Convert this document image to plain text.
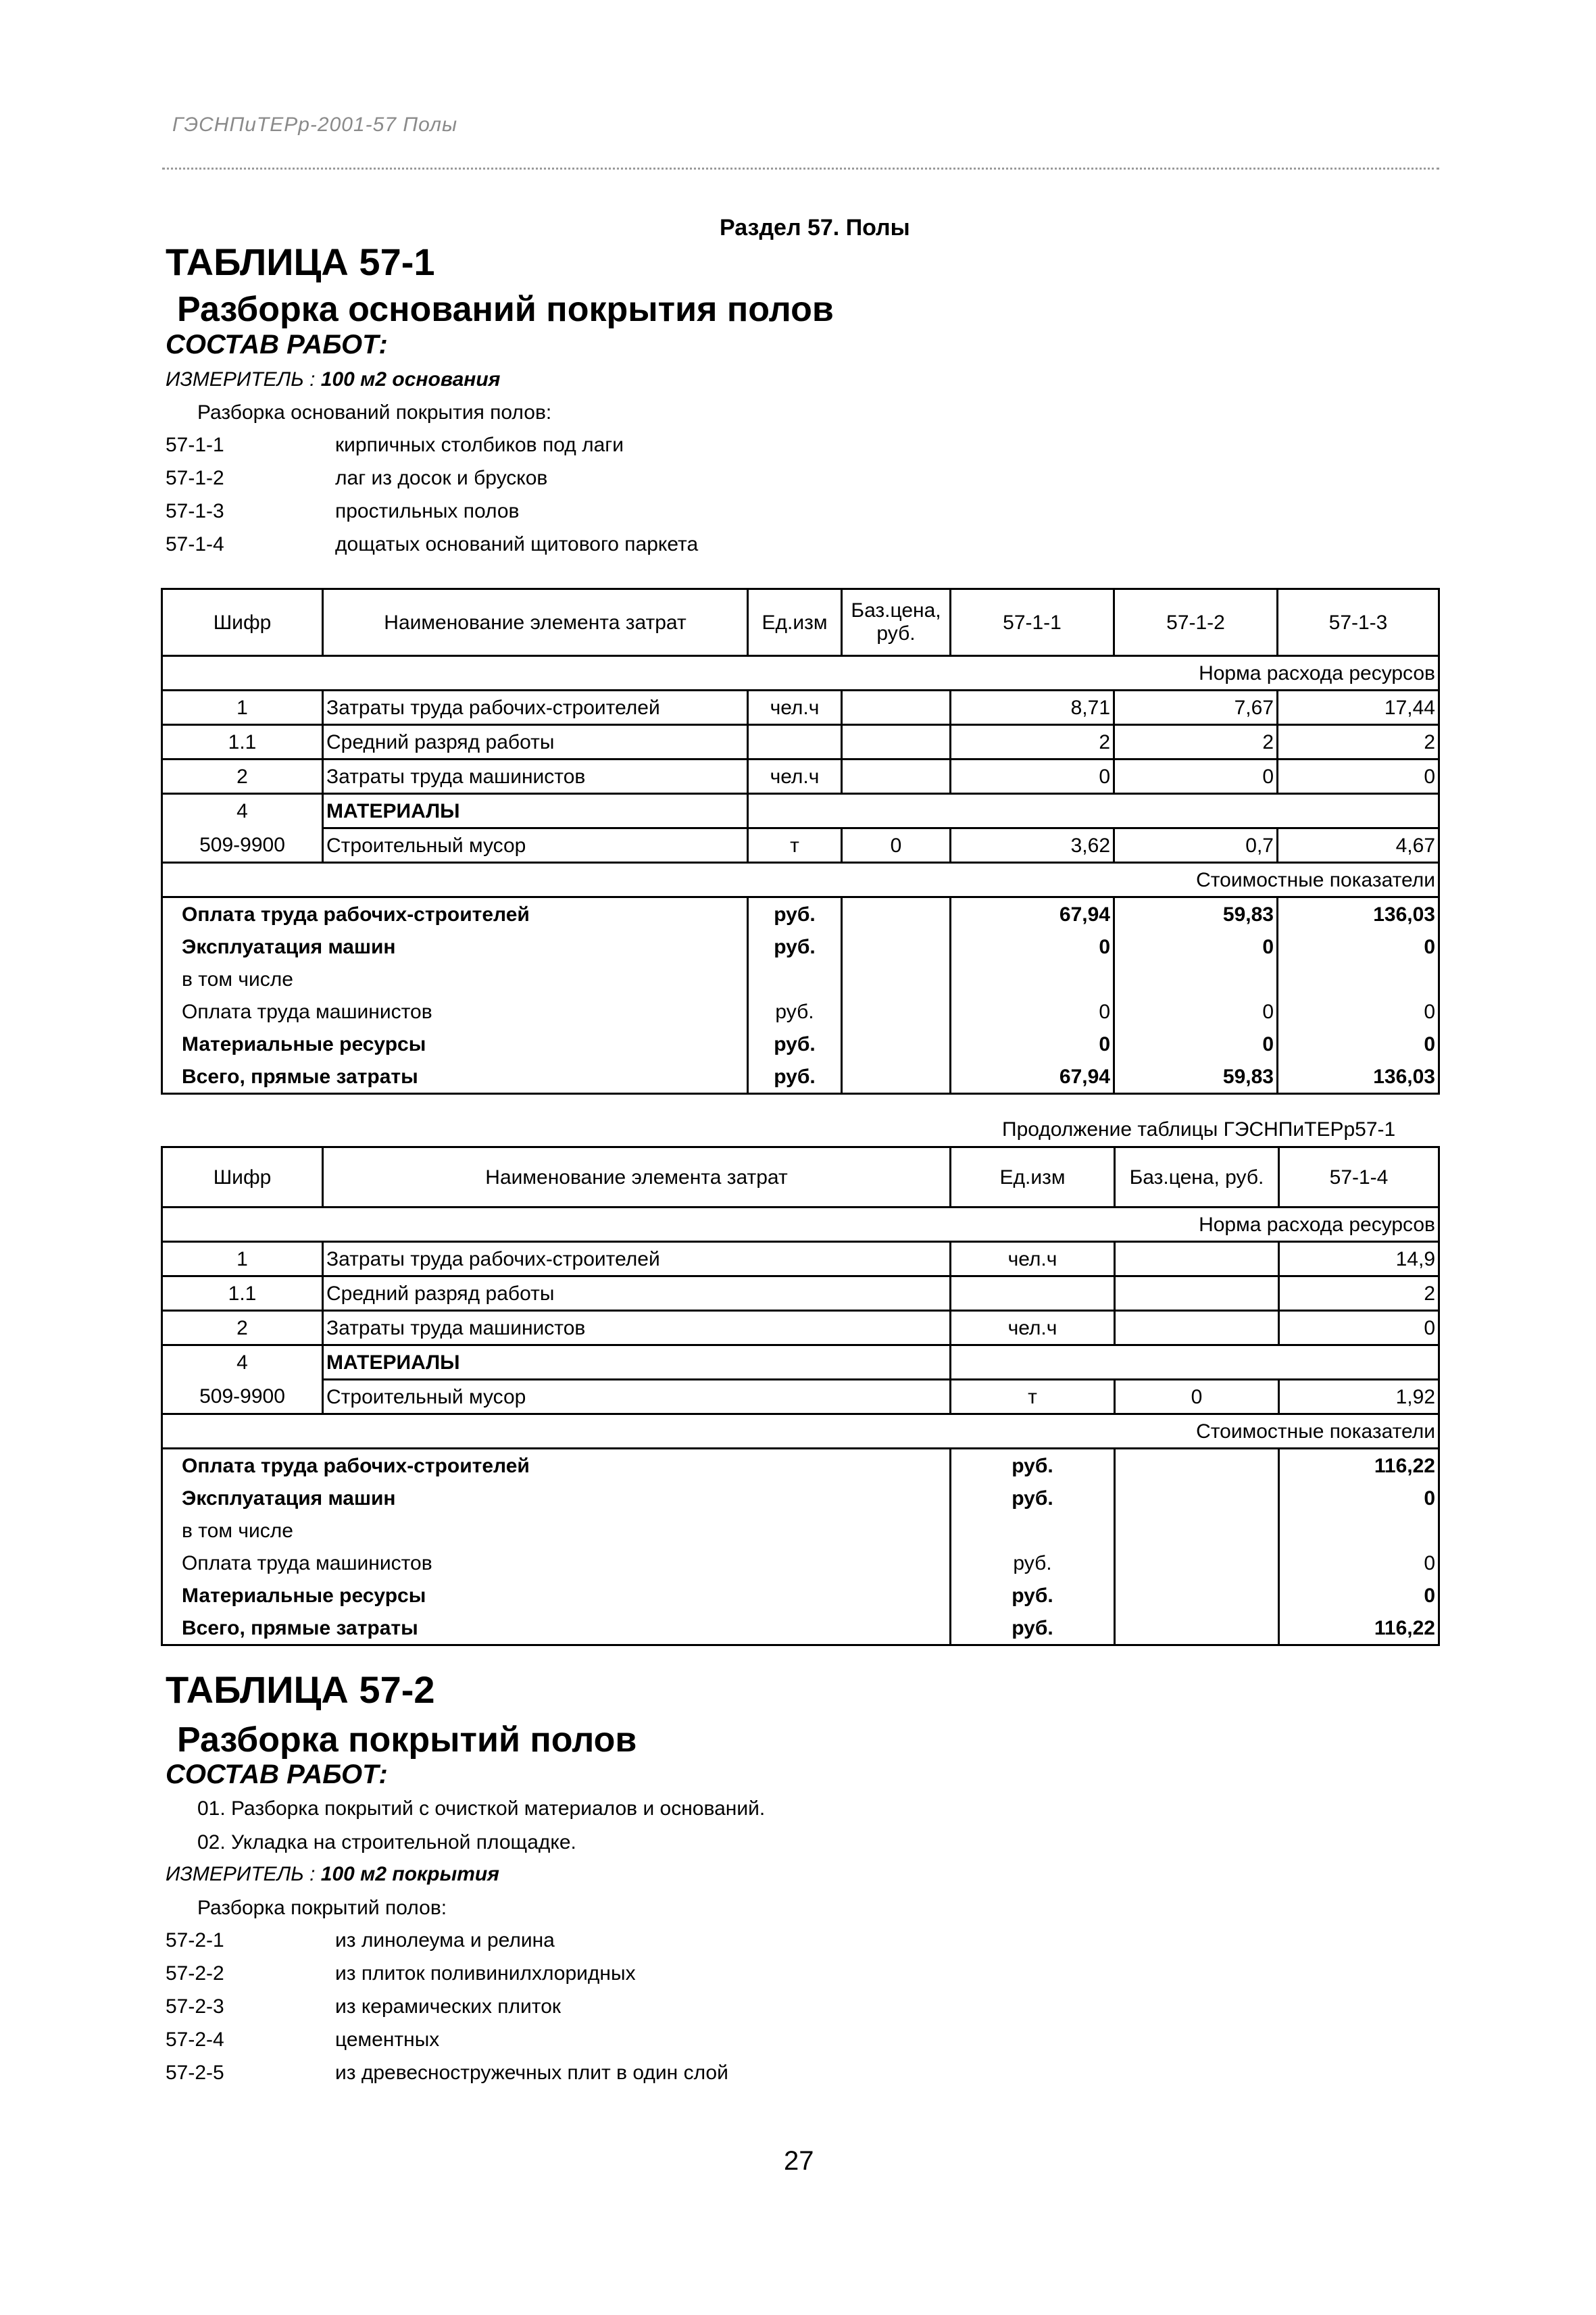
ГЭСНПиТЕРр-2001-57 Полы
Раздел 57. Полы
ТАБЛИЦА 57-1
Разборка оснований покрытия полов
СОСТАВ РАБОТ:
ИЗМЕРИТЕЛЬ : 100 м2 основания
Разборка оснований покрытия полов:
57-1-1	кирпичных столбиков под лаги
57-1-2	лаг из досок и брусков
57-1-3	простильных полов
57-1-4	дощатых оснований щитового паркета
Шифр	Наименование элемента затрат	Ед.изм	Баз.цена, руб.	57-1-1	57-1-2	57-1-3
Норма расхода ресурсов						
1	Затраты труда рабочих-строителей	чел.ч		8,71	7,67	17,44
1.1	Средний разряд работы			2	2	2
2	Затраты труда машинистов	чел.ч		0	0	0
4	МАТЕРИАЛЫ					
509-9900	Строительный мусор	т	0	3,62	0,7	4,67
Стоимостные показатели						
Оплата труда рабочих-строителей		руб.		67,94	59,83	136,03
Эксплуатация машин		руб.		0	0	0
в том числе						
Оплата труда машинистов		руб.		0	0	0
Материальные ресурсы		руб.		0	0	0
Всего, прямые затраты		руб.		67,94	59,83	136,03
Продолжение таблицы ГЭСНПиТЕРр57-1
Шифр	Наименование элемента затрат	Ед.изм	Баз.цена, руб.	57-1-4
Норма расхода ресурсов				
1	Затраты труда рабочих-строителей	чел.ч		14,9
1.1	Средний разряд работы			2
2	Затраты труда машинистов	чел.ч		0
4	МАТЕРИАЛЫ			
509-9900	Строительный мусор	т	0	1,92
Стоимостные показатели				
Оплата труда рабочих-строителей		руб.		116,22
Эксплуатация машин		руб.		0
в том числе				
Оплата труда машинистов		руб.		0
Материальные ресурсы		руб.		0
Всего, прямые затраты		руб.		116,22
ТАБЛИЦА 57-2
Разборка покрытий полов
СОСТАВ РАБОТ:
01. Разборка покрытий с очисткой материалов и оснований.
02. Укладка на строительной площадке.
ИЗМЕРИТЕЛЬ : 100 м2 покрытия
Разборка покрытий полов:
57-2-1	из линолеума и релина
57-2-2	из плиток поливинилхлоридных
57-2-3	из керамических плиток
57-2-4	цементных
57-2-5	из древесностружечных плит в один слой
27
